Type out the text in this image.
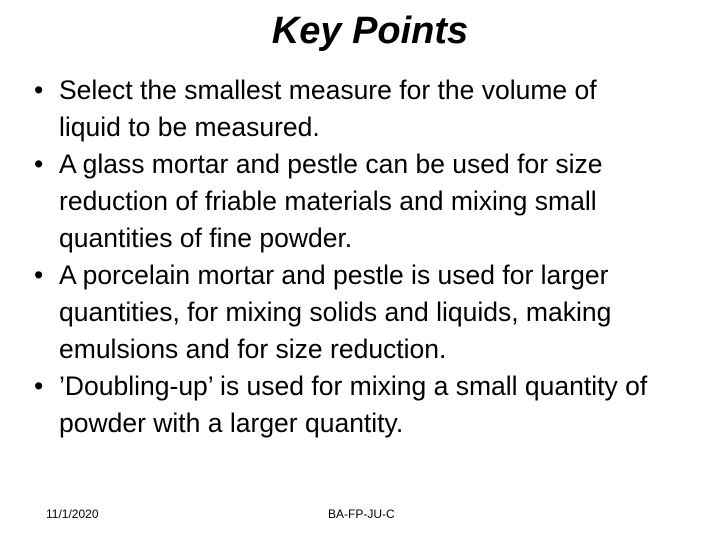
Key Points
• Select the smallest measure for the volume of
liquid to be measured.
• A glass mortar and pestle can be used for size
reduction of friable materials and mixing small
quantities of fine powder.
• A porcelain mortar and pestle is used for larger
quantities, for mixing solids and liquids, making
emulsions and for size reduction.
• ’Doubling-up’ is used for mixing a small quantity of
powder with a larger quantity.
11/1/2020	BA-FP-JU-C
